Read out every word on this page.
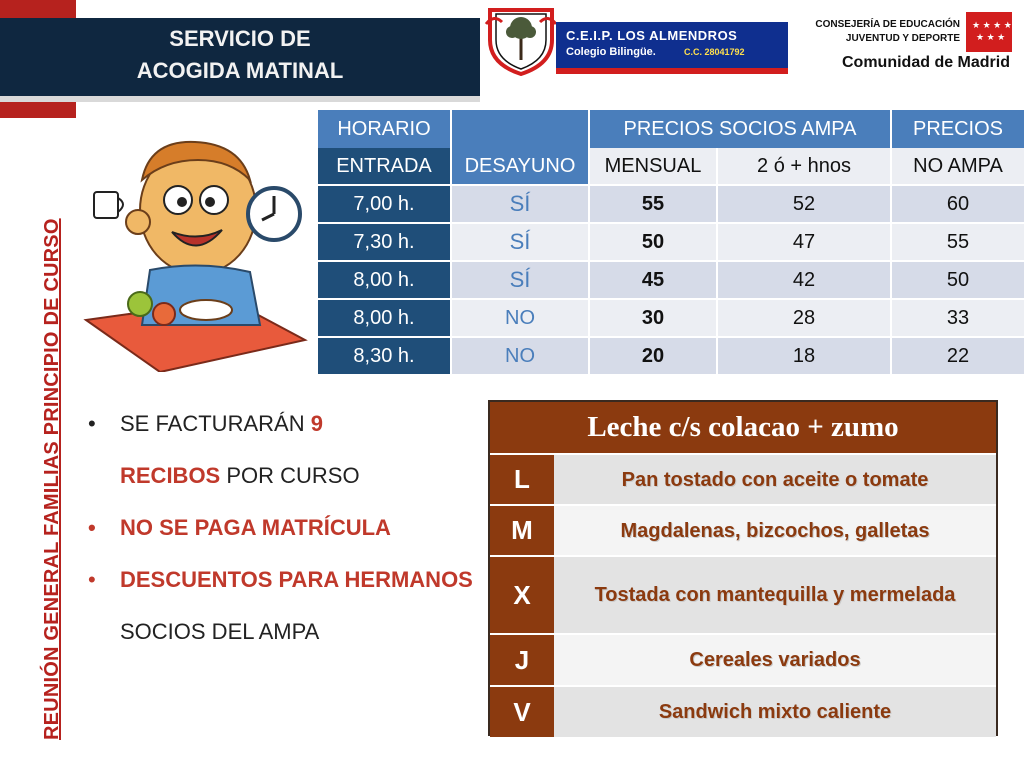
REUNIÓN GENERAL FAMILIAS PRINCIPIO DE CURSO
SERVICIO DE
ACOGIDA MATINAL
C.E.I.P. LOS ALMENDROS
Colegio Bilingüe.	C.C. 28041792
CONSEJERÍA DE EDUCACIÓN
JUVENTUD Y DEPORTE
Comunidad de Madrid
★ ★ ★ ★
★ ★ ★
HORARIO	PRECIOS SOCIOS AMPA	PRECIOS
ENTRADA	DESAYUNO	MENSUAL	2 ó + hnos	NO AMPA
7,00 h.	SÍ	55	52	60
7,30 h.	SÍ	50	47	55
8,00 h.	SÍ	45	42	50
8,00 h.	NO	30	28	33
8,30 h.	NO	20	18	22
• SE FACTURARÁN 9
RECIBOS POR CURSO
• NO SE PAGA MATRÍCULA
• DESCUENTOS PARA HERMANOS SOCIOS DEL AMPA
Leche c/s colacao + zumo
L	Pan tostado con aceite o tomate
M	Magdalenas, bizcochos, galletas
X	Tostada con mantequilla y mermelada
J	Cereales variados
V	Sandwich mixto caliente
